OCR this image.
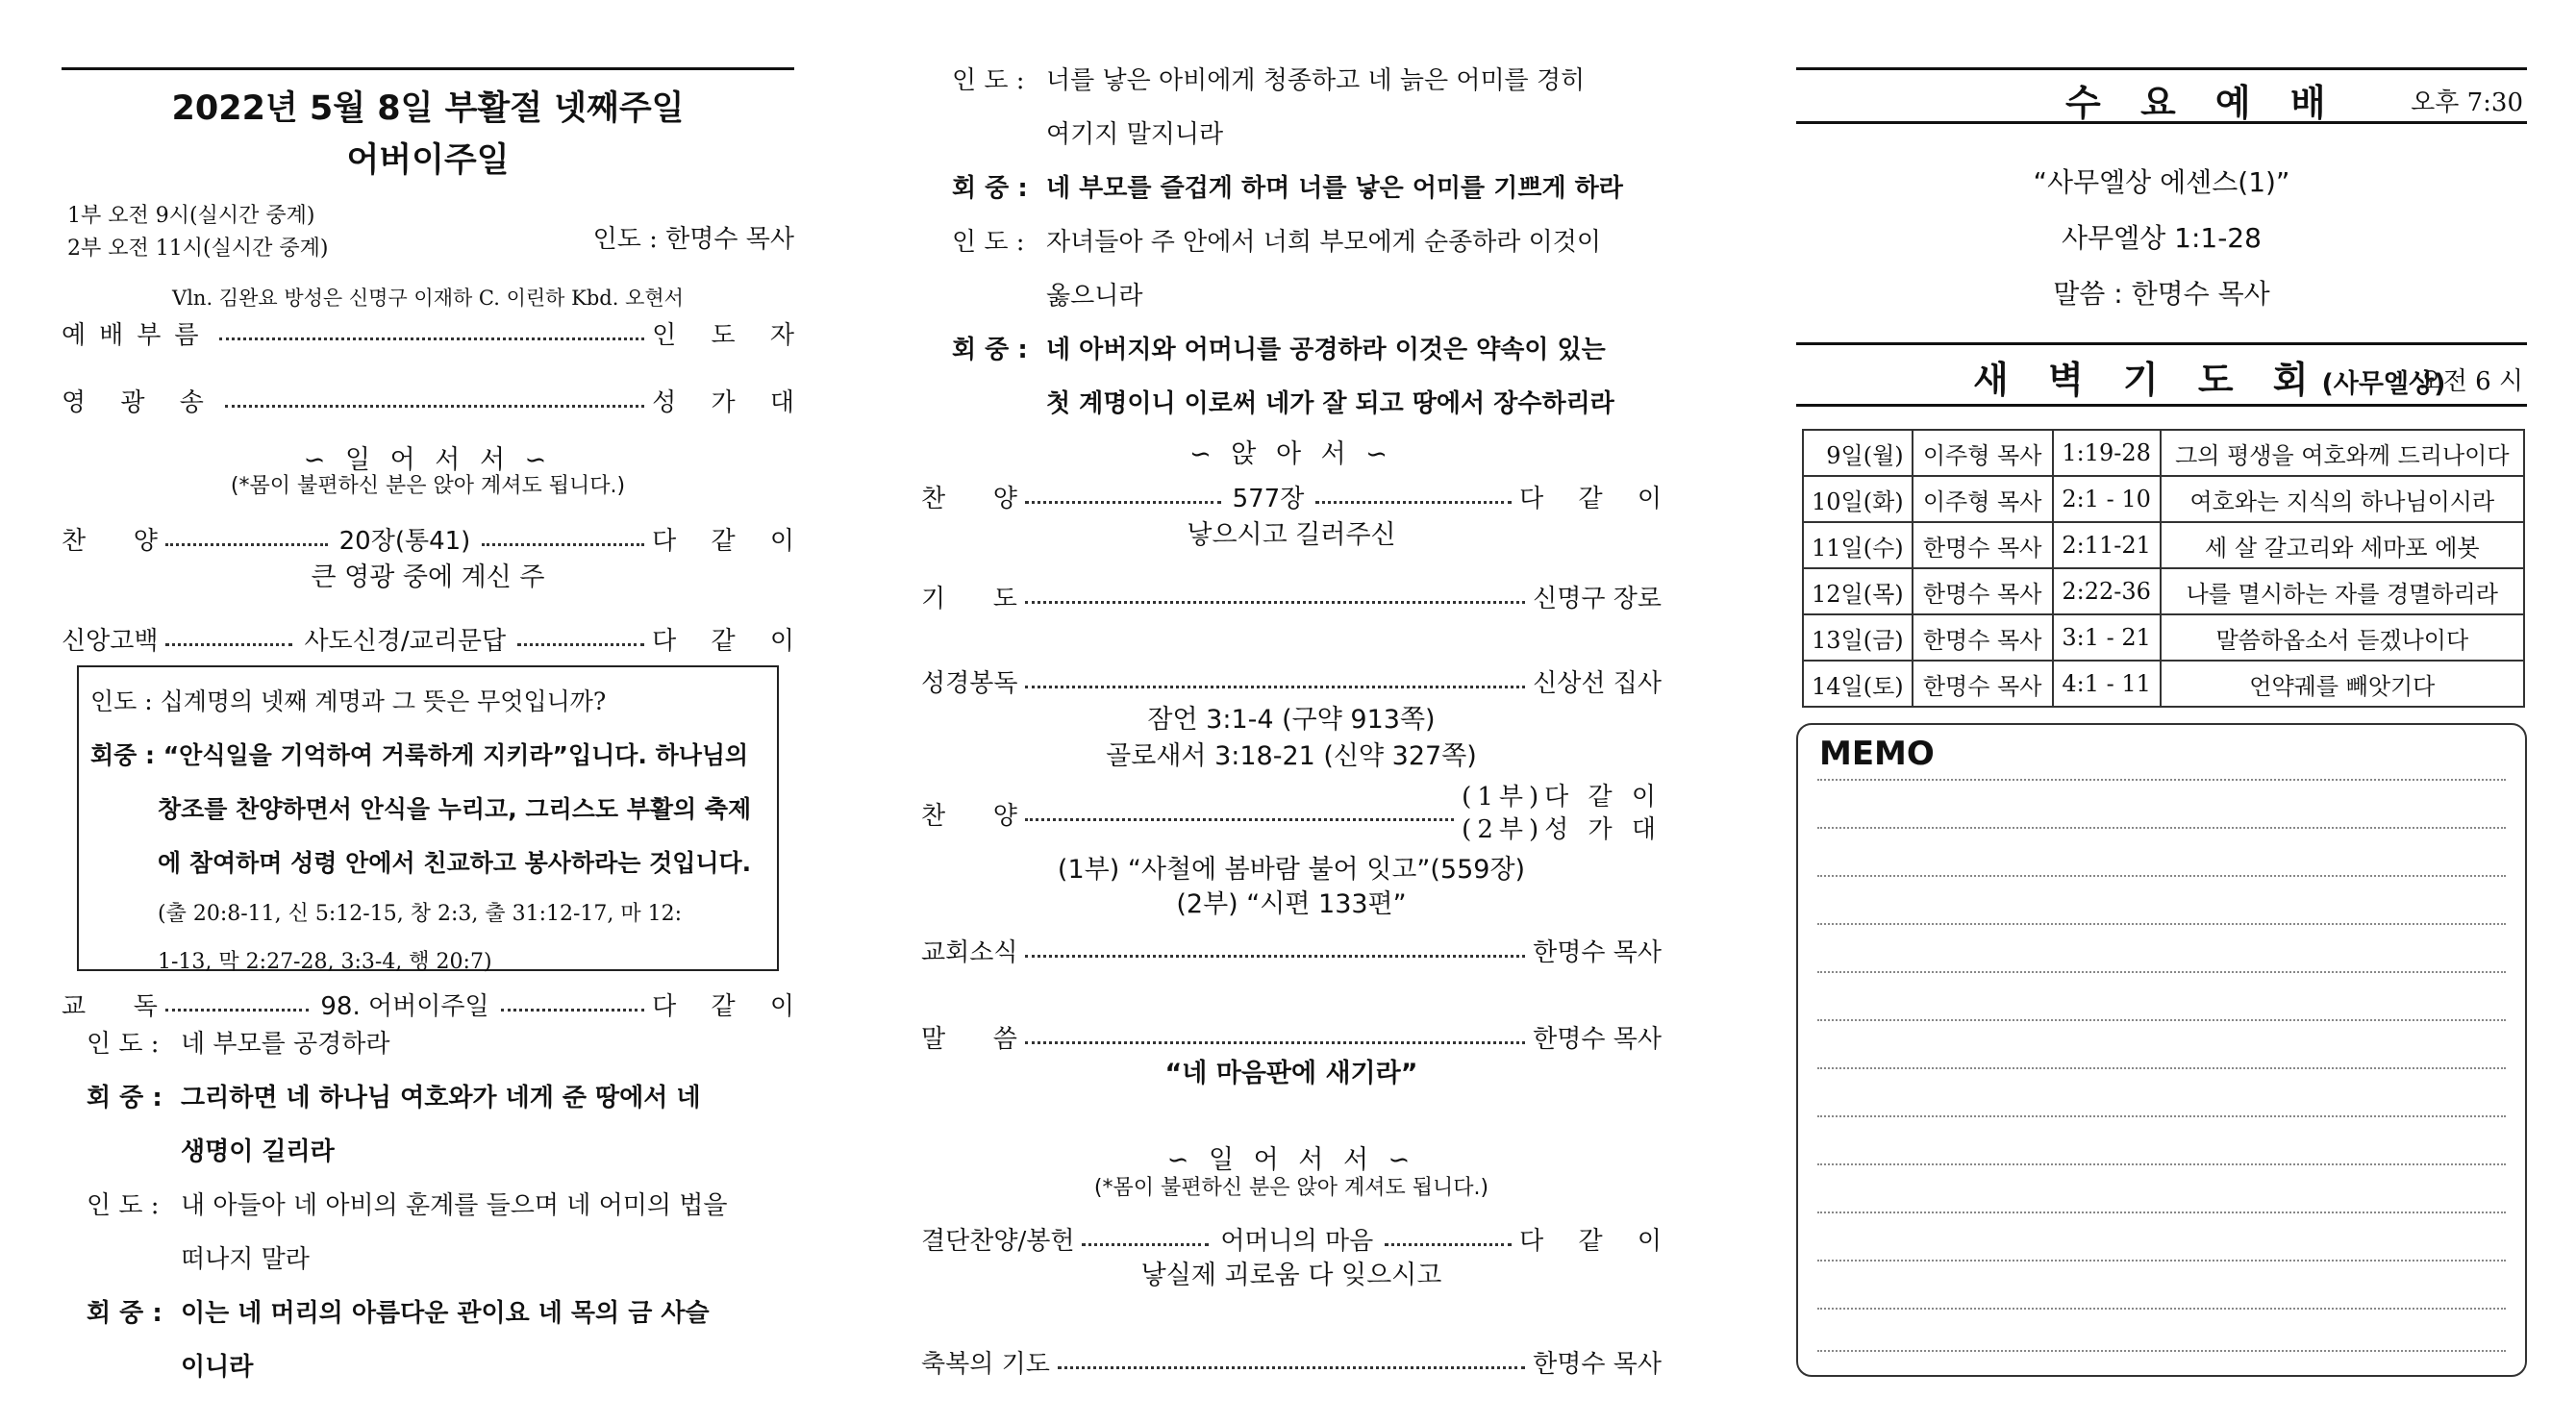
2022년 5월 8일 부활절 넷째주일
어버이주일
1부 오전 9시(실시간 중계)
2부 오전 11시(실시간 중계)	인도 : 한명수 목사
Vln. 김완요 방성은 신명구 이재하 C. 이린하 Kbd. 오현서
예배부름	인 도 자
영 광 송	성 가 대
∽ 일 어 서 서 ∽
(*몸이 불편하신 분은 앉아 계셔도 됩니다.)
찬      양	20장(통41)	다 같 이
큰 영광 중에 계신 주
신앙고백	사도신경/교리문답	다 같 이
인도 : 십계명의 넷째 계명과 그 뜻은 무엇입니까?
회중 : “안식일을 기억하여 거룩하게 지키라”입니다. 하나님의
창조를 찬양하면서 안식을 누리고, 그리스도 부활의 축제
에 참여하며 성령 안에서 친교하고 봉사하라는 것입니다.
(출 20:8-11, 신 5:12-15, 창 2:3, 출 31:12-17, 마 12:
1-13, 막 2:27-28, 3:3-4, 행 20:7)
교      독	98. 어버이주일	다 같 이
인 도 : 네 부모를 공경하라
회 중 : 그리하면 네 하나님 여호와가 네게 준 땅에서 네
생명이 길리라
인 도 : 내 아들아 네 아비의 훈계를 들으며 네 어미의 법을
떠나지 말라
회 중 : 이는 네 머리의 아름다운 관이요 네 목의 금 사슬
이니라
인 도 : 너를 낳은 아비에게 청종하고 네 늙은 어미를 경히
여기지 말지니라
회 중 : 네 부모를 즐겁게 하며 너를 낳은 어미를 기쁘게 하라
인 도 : 자녀들아 주 안에서 너희 부모에게 순종하라 이것이
옳으니라
회 중 : 네 아버지와 어머니를 공경하라 이것은 약속이 있는
첫 계명이니 이로써 네가 잘 되고 땅에서 장수하리라
∽ 앉 아 서 ∽
찬      양	577장	다 같 이
낳으시고 길러주신
기      도	신명구 장로
성경봉독	신상선 집사
잠언 3:1-4 (구약 913쪽)
골로새서 3:18-21 (신약 327쪽)
찬      양
(1부)다 같 이
(2부)성 가 대
(1부) “사철에 봄바람 불어 잇고”(559장)
(2부) “시편 133편”
교회소식	한명수 목사
말      씀	한명수 목사
“네 마음판에 새기라”
∽ 일 어 서 서 ∽
(*몸이 불편하신 분은 앉아 계셔도 됩니다.)
결단찬양/봉헌	어머니의 마음	다 같 이
낳실제 괴로움 다 잊으시고
축복의 기도	한명수 목사
수 요 예 배	오후 7:30
“사무엘상 에센스(1)”
사무엘상 1:1-28
말씀 : 한명수 목사
새 벽 기 도 회(사무엘상)
오전 6 시
9일(월)	이주형 목사	1:19-28	그의 평생을 여호와께 드리나이다
10일(화)	이주형 목사	2:1 - 10	여호와는 지식의 하나님이시라
11일(수)	한명수 목사	2:11-21	세 살 갈고리와 세마포 에봇
12일(목)	한명수 목사	2:22-36	나를 멸시하는 자를 경멸하리라
13일(금)	한명수 목사	3:1 - 21	말씀하옵소서 듣겠나이다
14일(토)	한명수 목사	4:1 - 11	언약궤를 빼앗기다
MEMO
